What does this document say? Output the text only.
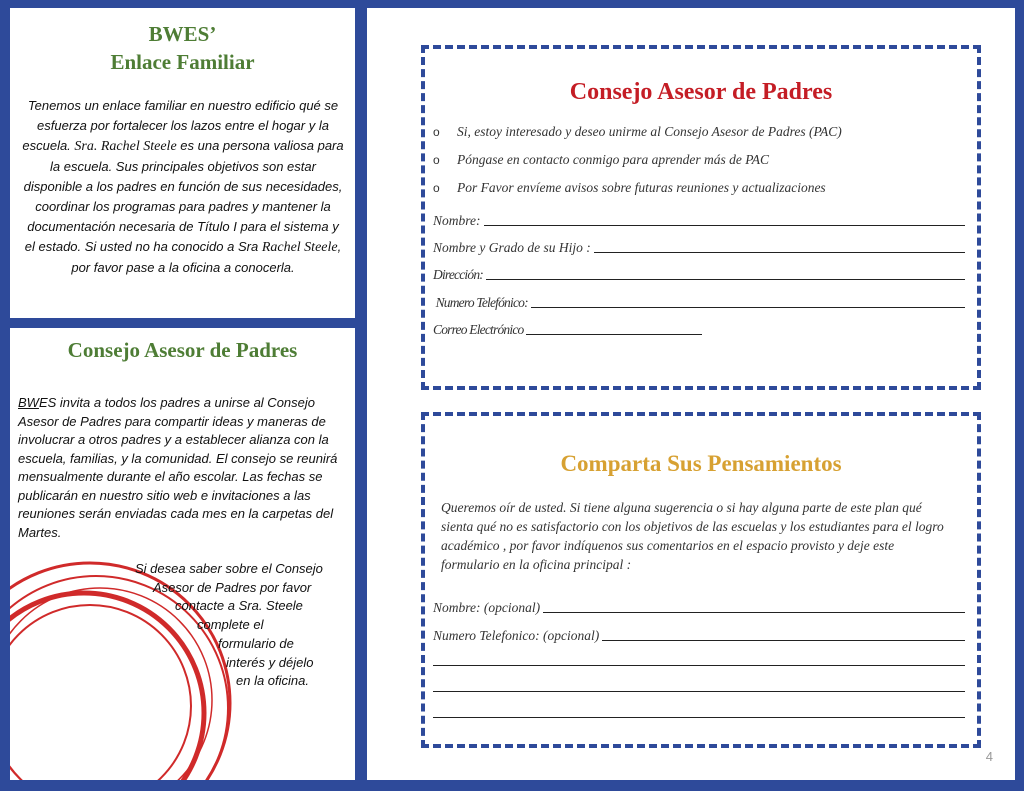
BWES’
Enlace Familiar
Tenemos un enlace familiar en nuestro edificio qué se esfuerza por fortalecer los lazos entre el hogar y la escuela. Sra. Rachel Steele es una persona valiosa para la escuela. Sus principales objetivos son estar disponible a los padres en función de sus necesidades, coordinar los programas para padres y mantener la documentación necesaria de Título I para el sistema y el estado. Si usted no ha conocido a Sra Rachel Steele, por favor pase a la oficina a conocerla.
Consejo Asesor de Padres
BWES invita a todos los padres a unirse al Consejo Asesor de Padres para compartir ideas y maneras de involucrar a otros padres y a establecer alianza con la escuela, familias, y la comunidad. El consejo se reunirá mensualmente durante el año escolar. Las fechas se publicarán en nuestro sitio web e invitaciones a las reuniones serán enviadas cada mes en la carpetas del Martes.
Si desea saber sobre el Consejo
Asesor de Padres por favor
contacte a Sra. Steele
complete el
formulario de
interés y déjelo
en la oficina.
Consejo Asesor de Padres
o Si, estoy interesado y deseo unirme al Consejo Asesor de Padres (PAC)
o Póngase en contacto conmigo para aprender más de PAC
o Por Favor envíeme avisos sobre futuras reuniones y actualizaciones
Nombre:
Nombre y Grado de su Hijo :
Dirección:
Numero Telefónico:
Correo Electrónico
Comparta Sus Pensamientos
Queremos oír de usted. Si tiene alguna sugerencia o si hay alguna parte de este plan qué sienta qué no es satisfactorio con los objetivos de las escuelas y los estudiantes para el logro académico , por favor indíquenos sus comentarios en el espacio provisto y deje este formulario en la oficina principal :
Nombre: (opcional)
Numero Telefonico: (opcional)
4
